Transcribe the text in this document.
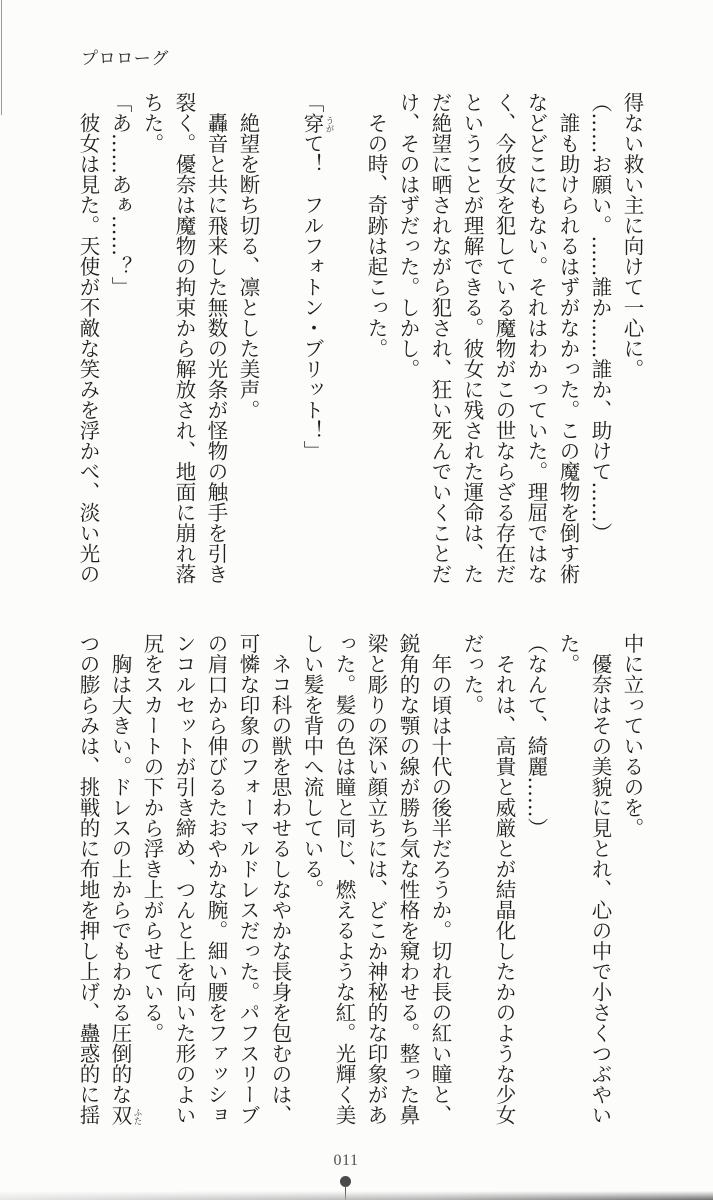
プロローグ
得ない救い主に向けて一心に。
（……お願い。……誰か……誰か、助けて……）
　誰も助けられるはずがなかった。この魔物を倒す術
などどこにもない。それはわかっていた。理屈ではな
く、今彼女を犯している魔物がこの世ならざる存在だ
ということが理解できる。彼女に残された運命は、た
だ絶望に晒されながら犯され、狂い死んでいくことだ
け、そのはずだった。しかし。
　その時、奇跡は起こった。
「穿 うが
て！　フルフォトン・ブリット！」
　絶望を断ち切る、凛とした美声。
　轟音と共に飛来した無数の光条が怪物の触手を引き
裂く。優奈は魔物の拘束から解放され、地面に崩れ落
ちた。
「あ……あぁ……？」
　彼女は見た。天使が不敵な笑みを浮かべ、淡い光の
中に立っているのを。
　優奈はその美貌に見とれ、心の中で小さくつぶやい
た。
（なんて、綺麗……）
　それは、高貴と威厳とが結晶化したかのような少女
だった。
　年の頃は十代の後半だろうか。切れ長の紅い瞳と、
鋭角的な顎の線が勝ち気な性格を窺わせる。整った鼻
梁と彫りの深い顔立ちには、どこか神秘的な印象があ
った。髪の色は瞳と同じ、燃えるような紅。光輝く美
しい髪を背中へ流している。
　ネコ科の獣を思わせるしなやかな長身を包むのは、
可憐な印象のフォーマルドレスだった。パフスリーブ
の肩口から伸びるたおやかな腕。細い腰をファッショ
ンコルセットが引き締め、つんと上を向いた形のよい
尻をスカートの下から浮き上がらせている。
　胸は大きい。ドレスの上からでもわかる圧倒的な双 ふた
つの膨らみは、挑戦的に布地を押し上げ、蠱惑的に揺
011
